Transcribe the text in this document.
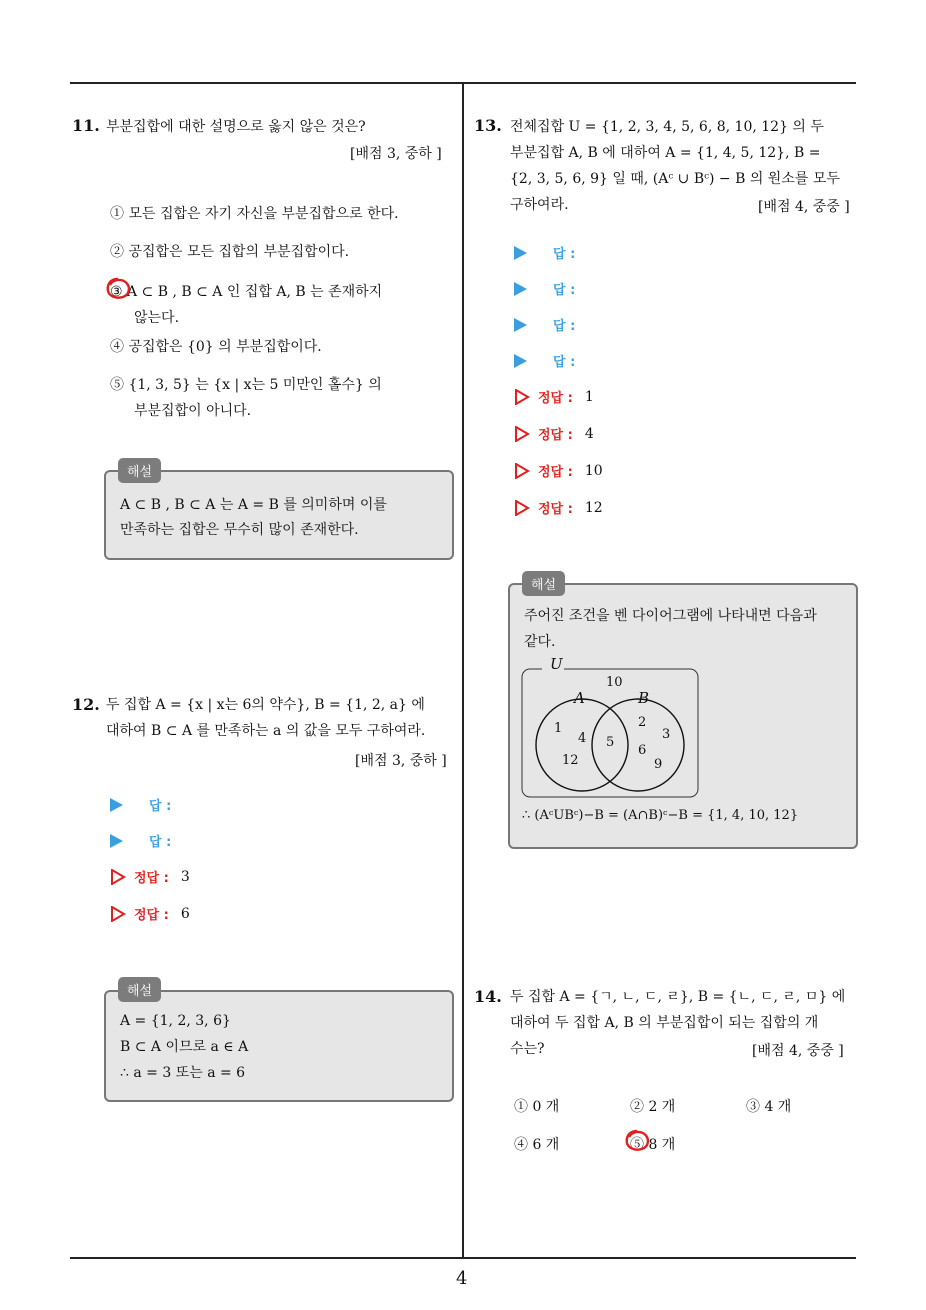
4
11. 부분집합에 대한 설명으로 옳지 않은 것은?
[배점 3, 중하 ]
① 모든 집합은 자기 자신을 부분집합으로 한다.
② 공집합은 모든 집합의 부분집합이다.
③ A ⊂ B , B ⊂ A 인 집합 A, B 는 존재하지
않는다.
④ 공집합은 {0} 의 부분집합이다.
⑤ {1, 3, 5} 는 {x | x는 5 미만인 홀수} 의
부분집합이 아니다.
A ⊂ B , B ⊂ A 는 A = B 를 의미하며 이를
만족하는 집합은 무수히 많이 존재한다.
해설
12. 두 집합 A = {x | x는 6의 약수}, B = {1, 2, a} 에
대하여 B ⊂ A 를 만족하는 a 의 값을 모두 구하여라.
[배점 3, 중하 ]
답 :
답 :
정답 : 3
정답 : 6
A = {1, 2, 3, 6}
B ⊂ A 이므로 a ∈ A
∴ a = 3 또는 a = 6
해설
13. 전체집합 U = {1, 2, 3, 4, 5, 6, 8, 10, 12} 의 두
부분집합 A, B 에 대하여 A = {1, 4, 5, 12}, B =
{2, 3, 5, 6, 9} 일 때, (Aᶜ ∪ Bᶜ) − B 의 원소를 모두
구하여라.	[배점 4, 중중 ]
답 :
답 :
답 :
답 :
정답 : 1
정답 : 4
정답 : 10
정답 : 12
주어진 조건을 벤 다이어그램에 나타내면 다음과
같다.
U
A	B
10
1
4
12
5
2
3
6
9
∴ (AᶜUBᶜ)−B = (A∩B)ᶜ−B = {1, 4, 10, 12}
해설
14. 두 집합 A = {ㄱ, ㄴ, ㄷ, ㄹ}, B = {ㄴ, ㄷ, ㄹ, ㅁ} 에
대하여 두 집합 A, B 의 부분집합이 되는 집합의 개
수는?	[배점 4, 중중 ]
① 0 개	② 2 개	③ 4 개
④ 6 개	⑤ 8 개
